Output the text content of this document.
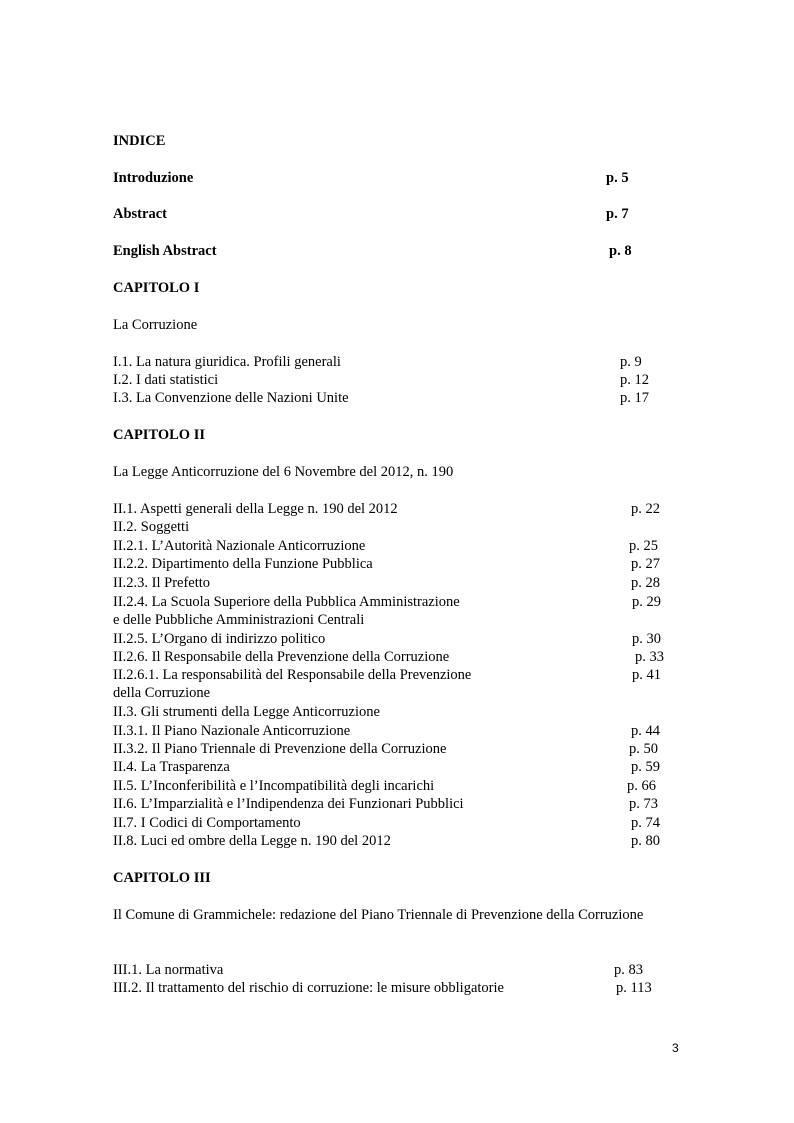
INDICE
Introduzione	p. 5
Abstract	p. 7
English Abstract	p. 8
CAPITOLO I
La Corruzione
I.1. La natura giuridica. Profili generali	p. 9
I.2. I dati statistici	p. 12
I.3. La Convenzione delle Nazioni Unite	p. 17
CAPITOLO II
La Legge Anticorruzione del 6 Novembre del 2012, n. 190
II.1. Aspetti generali della Legge n. 190 del 2012	p. 22
II.2. Soggetti
II.2.1. L’Autorità Nazionale Anticorruzione	p. 25
II.2.2. Dipartimento della Funzione Pubblica	p. 27
II.2.3. Il Prefetto	p. 28
II.2.4. La Scuola Superiore della Pubblica Amministrazione	p. 29
e delle Pubbliche Amministrazioni Centrali
II.2.5. L’Organo di indirizzo politico	p. 30
II.2.6. Il Responsabile della Prevenzione della Corruzione	p. 33
II.2.6.1. La responsabilità del Responsabile della Prevenzione	p. 41
della Corruzione
II.3. Gli strumenti della Legge Anticorruzione
II.3.1. Il Piano Nazionale Anticorruzione	p. 44
II.3.2. Il Piano Triennale di Prevenzione della Corruzione	p. 50
II.4. La Trasparenza	p. 59
II.5. L’Inconferibilità e l’Incompatibilità degli incarichi	p. 66
II.6. L’Imparzialità e l’Indipendenza dei Funzionari Pubblici	p. 73
II.7. I Codici di Comportamento	p. 74
II.8. Luci ed ombre della Legge n. 190 del 2012	p. 80
CAPITOLO III
Il Comune di Grammichele: redazione del Piano Triennale di Prevenzione della Corruzione
III.1. La normativa	p. 83
III.2. Il trattamento del rischio di corruzione: le misure obbligatorie	p. 113
3
